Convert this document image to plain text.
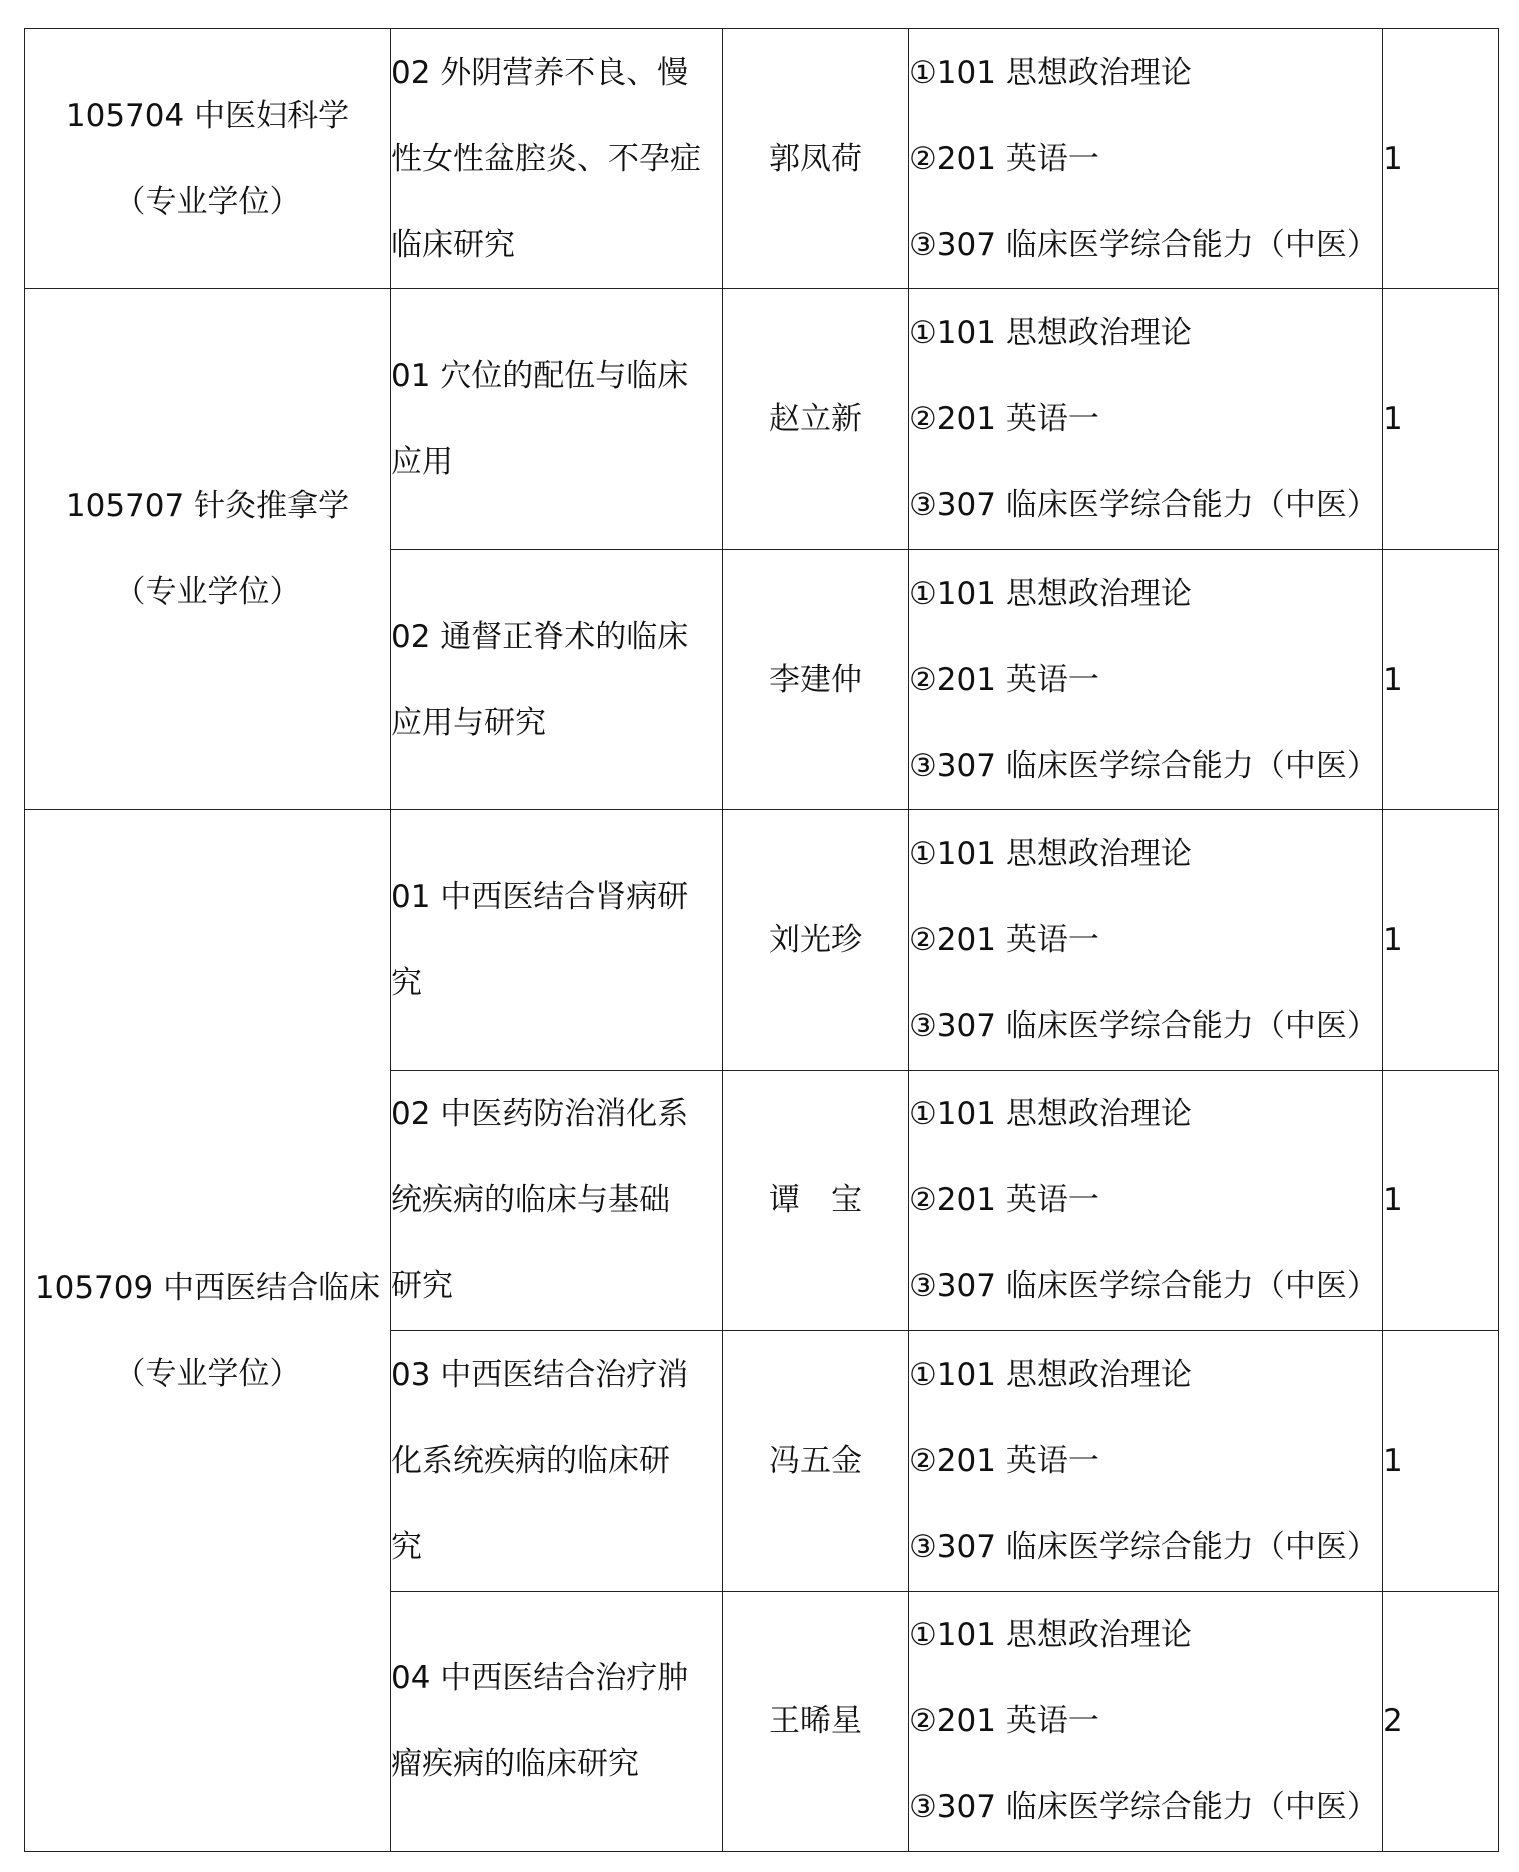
105704 中医妇科学
（专业学位）	02 外阴营养不良、慢
性女性盆腔炎、不孕症
临床研究	郭凤荷	①101 思想政治理论
②201 英语一
③307 临床医学综合能力（中医）	1

105707 针灸推拿学
（专业学位）	01 穴位的配伍与临床
应用	赵立新	①101 思想政治理论
②201 英语一
③307 临床医学综合能力（中医）	1

	02 通督正脊术的临床
应用与研究	李建仲	①101 思想政治理论
②201 英语一
③307 临床医学综合能力（中医）	1

105709 中西医结合临床
（专业学位）	01 中西医结合肾病研
究	刘光珍	①101 思想政治理论
②201 英语一
③307 临床医学综合能力（中医）	1

	02 中医药防治消化系
统疾病的临床与基础
研究	谭　宝	①101 思想政治理论
②201 英语一
③307 临床医学综合能力（中医）	1

	03 中西医结合治疗消
化系统疾病的临床研
究	冯五金	①101 思想政治理论
②201 英语一
③307 临床医学综合能力（中医）	1

	04 中西医结合治疗肿
瘤疾病的临床研究	王晞星	①101 思想政治理论
②201 英语一
③307 临床医学综合能力（中医）	2
